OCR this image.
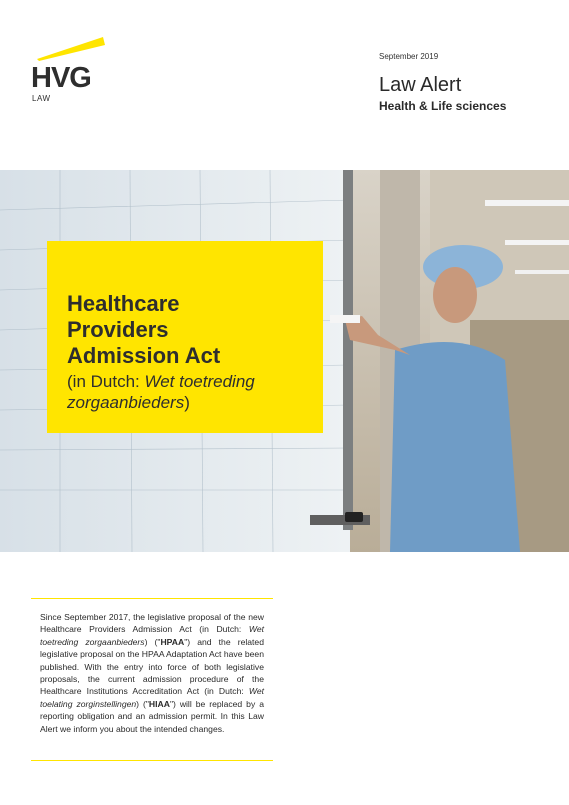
HVG
LAW
September 2019
Law Alert
Health & Life sciences
Healthcare
Providers
Admission Act
(in Dutch: Wet toetreding zorgaanbieders)
Since September 2017, the legislative proposal of the new Healthcare Providers Admission Act (in Dutch: Wet toetreding zorgaanbieders) ("HPAA") and the related legislative proposal on the HPAA Adaptation Act have been published. With the entry into force of both legislative proposals, the current admission procedure of the Healthcare Institutions Accreditation Act (in Dutch: Wet toelating zorginstellingen) ("HIAA") will be replaced by a reporting obligation and an admission permit. In this Law Alert we inform you about the intended changes.
